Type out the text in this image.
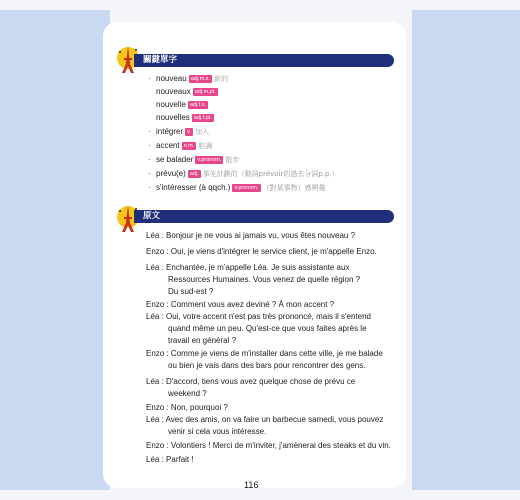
關鍵單字
· nouveau adj.m.s. 新的
nouveaux adj.m.pl.
nouvelle adj.f.s.
nouvelles adj.f.pl.
· intégrer v. 加入
· accent n.m. 腔調
· se balader v.pronom. 散步
· prévu(e) adj. 事先計劃的（動詞prévoir的過去分詞p.p.）
· s'intéresser (à qqch.) v.pronom. （對某事物）感興趣
原文
Léa : Bonjour je ne vous ai jamais vu, vous êtes nouveau ?
Enzo : Oui, je viens d'intégrer le service client, je m'appelle Enzo.
Léa : Enchantée, je m'appelle Léa. Je suis assistante aux
Ressources Humaines. Vous venez de quelle région ?
Du sud-est ?
Enzo : Comment vous avez deviné ? À mon accent ?
Léa : Oui, votre accent n'est pas très prononcé, mais il s'entend
quand même un peu. Qu'est-ce que vous faites après le
travail en général ?
Enzo : Comme je viens de m'installer dans cette ville, je me balade
ou bien je vais dans des bars pour rencontrer des gens.
Léa : D'accord, tiens vous avez quelque chose de prévu ce
weekend ?
Enzo : Non, pourquoi ?
Léa : Avec des amis, on va faire un barbecue samedi, vous pouvez
venir si cela vous intéresse.
Enzo : Volontiers ! Merci de m'inviter, j'amènerai des steaks et du vin.
Léa : Parfait !
116
